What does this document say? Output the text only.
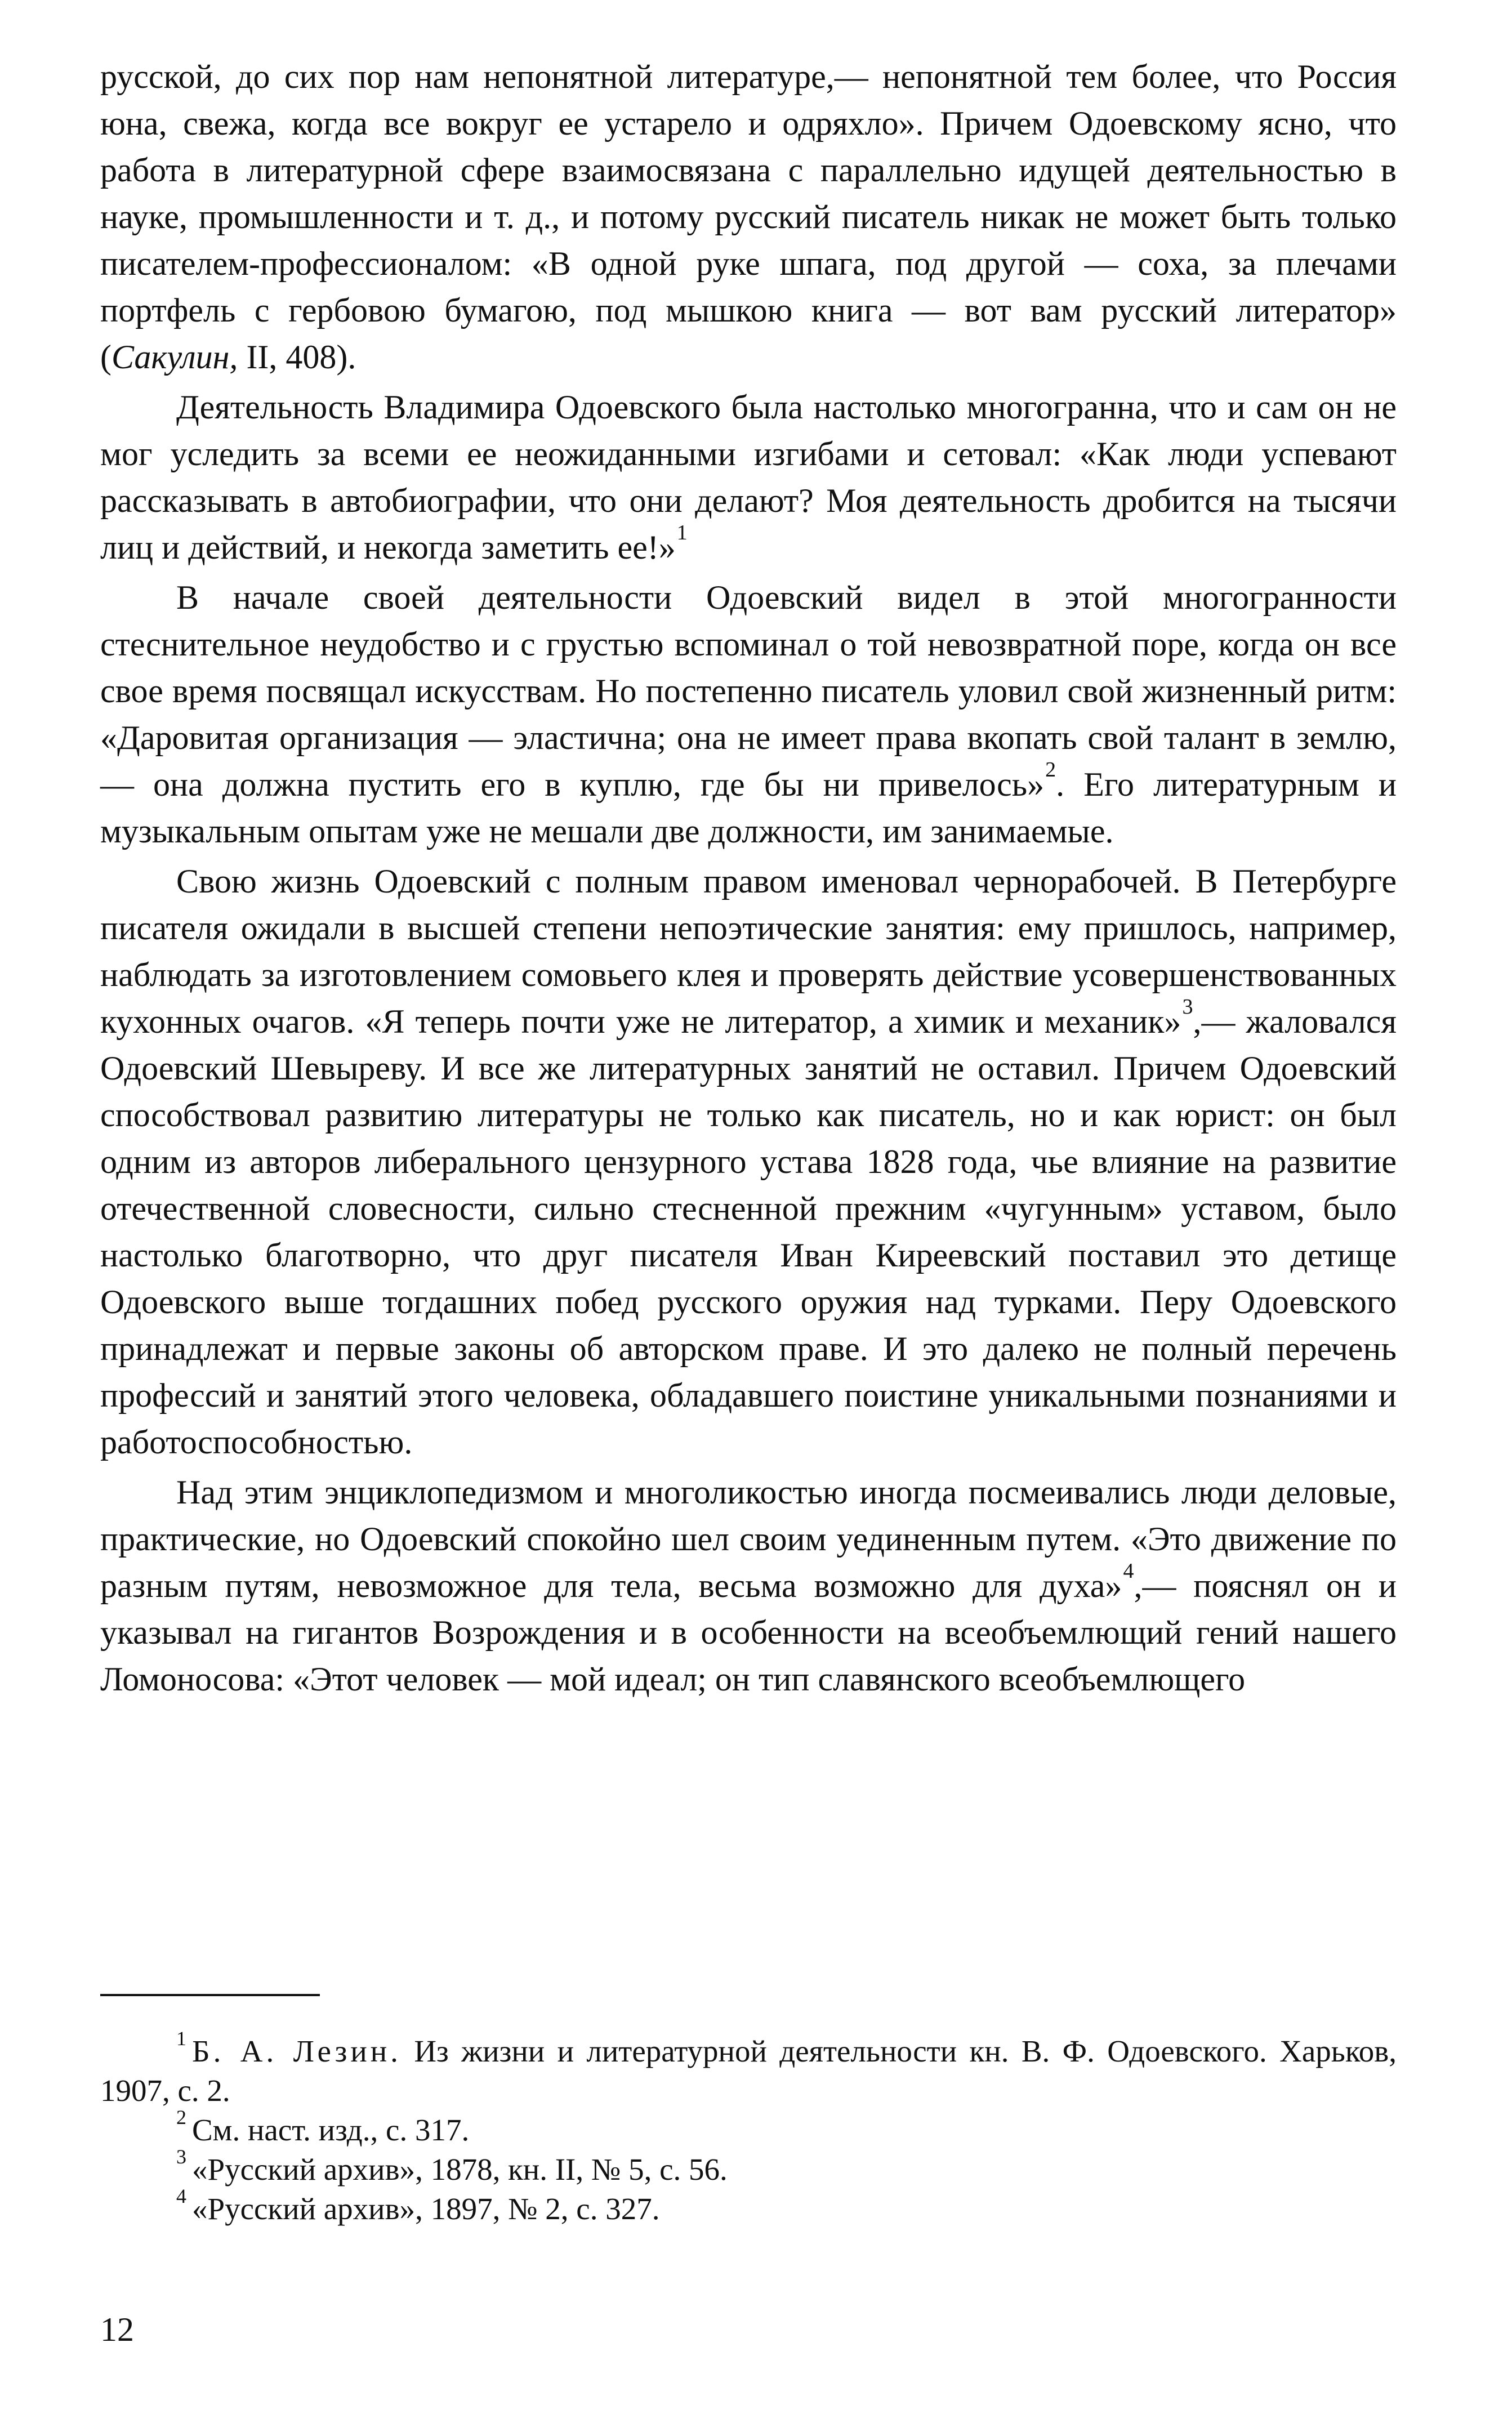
русской, до сих пор нам непонятной литературе,— непонятной тем более, что Россия юна, свежа, когда все вокруг ее устарело и одряхло». Причем Одоевскому ясно, что работа в литературной сфере взаимосвязана с параллельно идущей деятельностью в науке, промышленности и т. д., и потому русский писатель никак не может быть только писателем-профессионалом: «В одной руке шпага, под другой — соха, за плечами портфель с гербовою бумагою, под мышкою книга — вот вам русский литератор» (Сакулин, II, 408).

Деятельность Владимира Одоевского была настолько многогранна, что и сам он не мог уследить за всеми ее неожиданными изгибами и сетовал: «Как люди успевают рассказывать в автобиографии, что они делают? Моя деятельность дробится на тысячи лиц и действий, и некогда заметить ее!»$^1$

В начале своей деятельности Одоевский видел в этой многогранности стеснительное неудобство и с грустью вспоминал о той невозвратной поре, когда он все свое время посвящал искусствам. Но постепенно писатель уловил свой жизненный ритм: «Даровитая организация — эластична; она не имеет права вкопать свой талант в землю,— она должна пустить его в куплю, где бы ни привелось»$^2$. Его литературным и музыкальным опытам уже не мешали две должности, им занимаемые.

Свою жизнь Одоевский с полным правом именовал чернорабочей. В Петербурге писателя ожидали в высшей степени непоэтические занятия: ему пришлось, например, наблюдать за изготовлением сомовьего клея и проверять действие усовершенствованных кухонных очагов. «Я теперь почти уже не литератор, а химик и механик»$^3$,— жаловался Одоевский Шевыреву. И все же литературных занятий не оставил. Причем Одоевский способствовал развитию литературы не только как писатель, но и как юрист: он был одним из авторов либерального цензурного устава 1828 года, чье влияние на развитие отечественной словесности, сильно стесненной прежним «чугунным» уставом, было настолько благотворно, что друг писателя Иван Киреевский поставил это детище Одоевского выше тогдашних побед русского оружия над турками. Перу Одоевского принадлежат и первые законы об авторском праве. И это далеко не полный перечень профессий и занятий этого человека, обладавшего поистине уникальными познаниями и работоспособностью.

Над этим энциклопедизмом и многоликостью иногда посмеивались люди деловые, практические, но Одоевский спокойно шел своим уединенным путем. «Это движение по разным путям, невозможное для тела, весьма возможно для духа»$^4$,— пояснял он и указывал на гигантов Возрождения и в особенности на всеобъемлющий гений нашего Ломоносова: «Этот человек — мой идеал; он тип славянского всеобъемлющего

$^1$ Б. А. Лезин. Из жизни и литературной деятельности кн. В. Ф. Одоевского. Харьков, 1907, с. 2.

$^2$ См. наст. изд., с. 317.

$^3$ «Русский архив», 1878, кн. II, № 5, с. 56.

$^4$ «Русский архив», 1897, № 2, с. 327.

12
